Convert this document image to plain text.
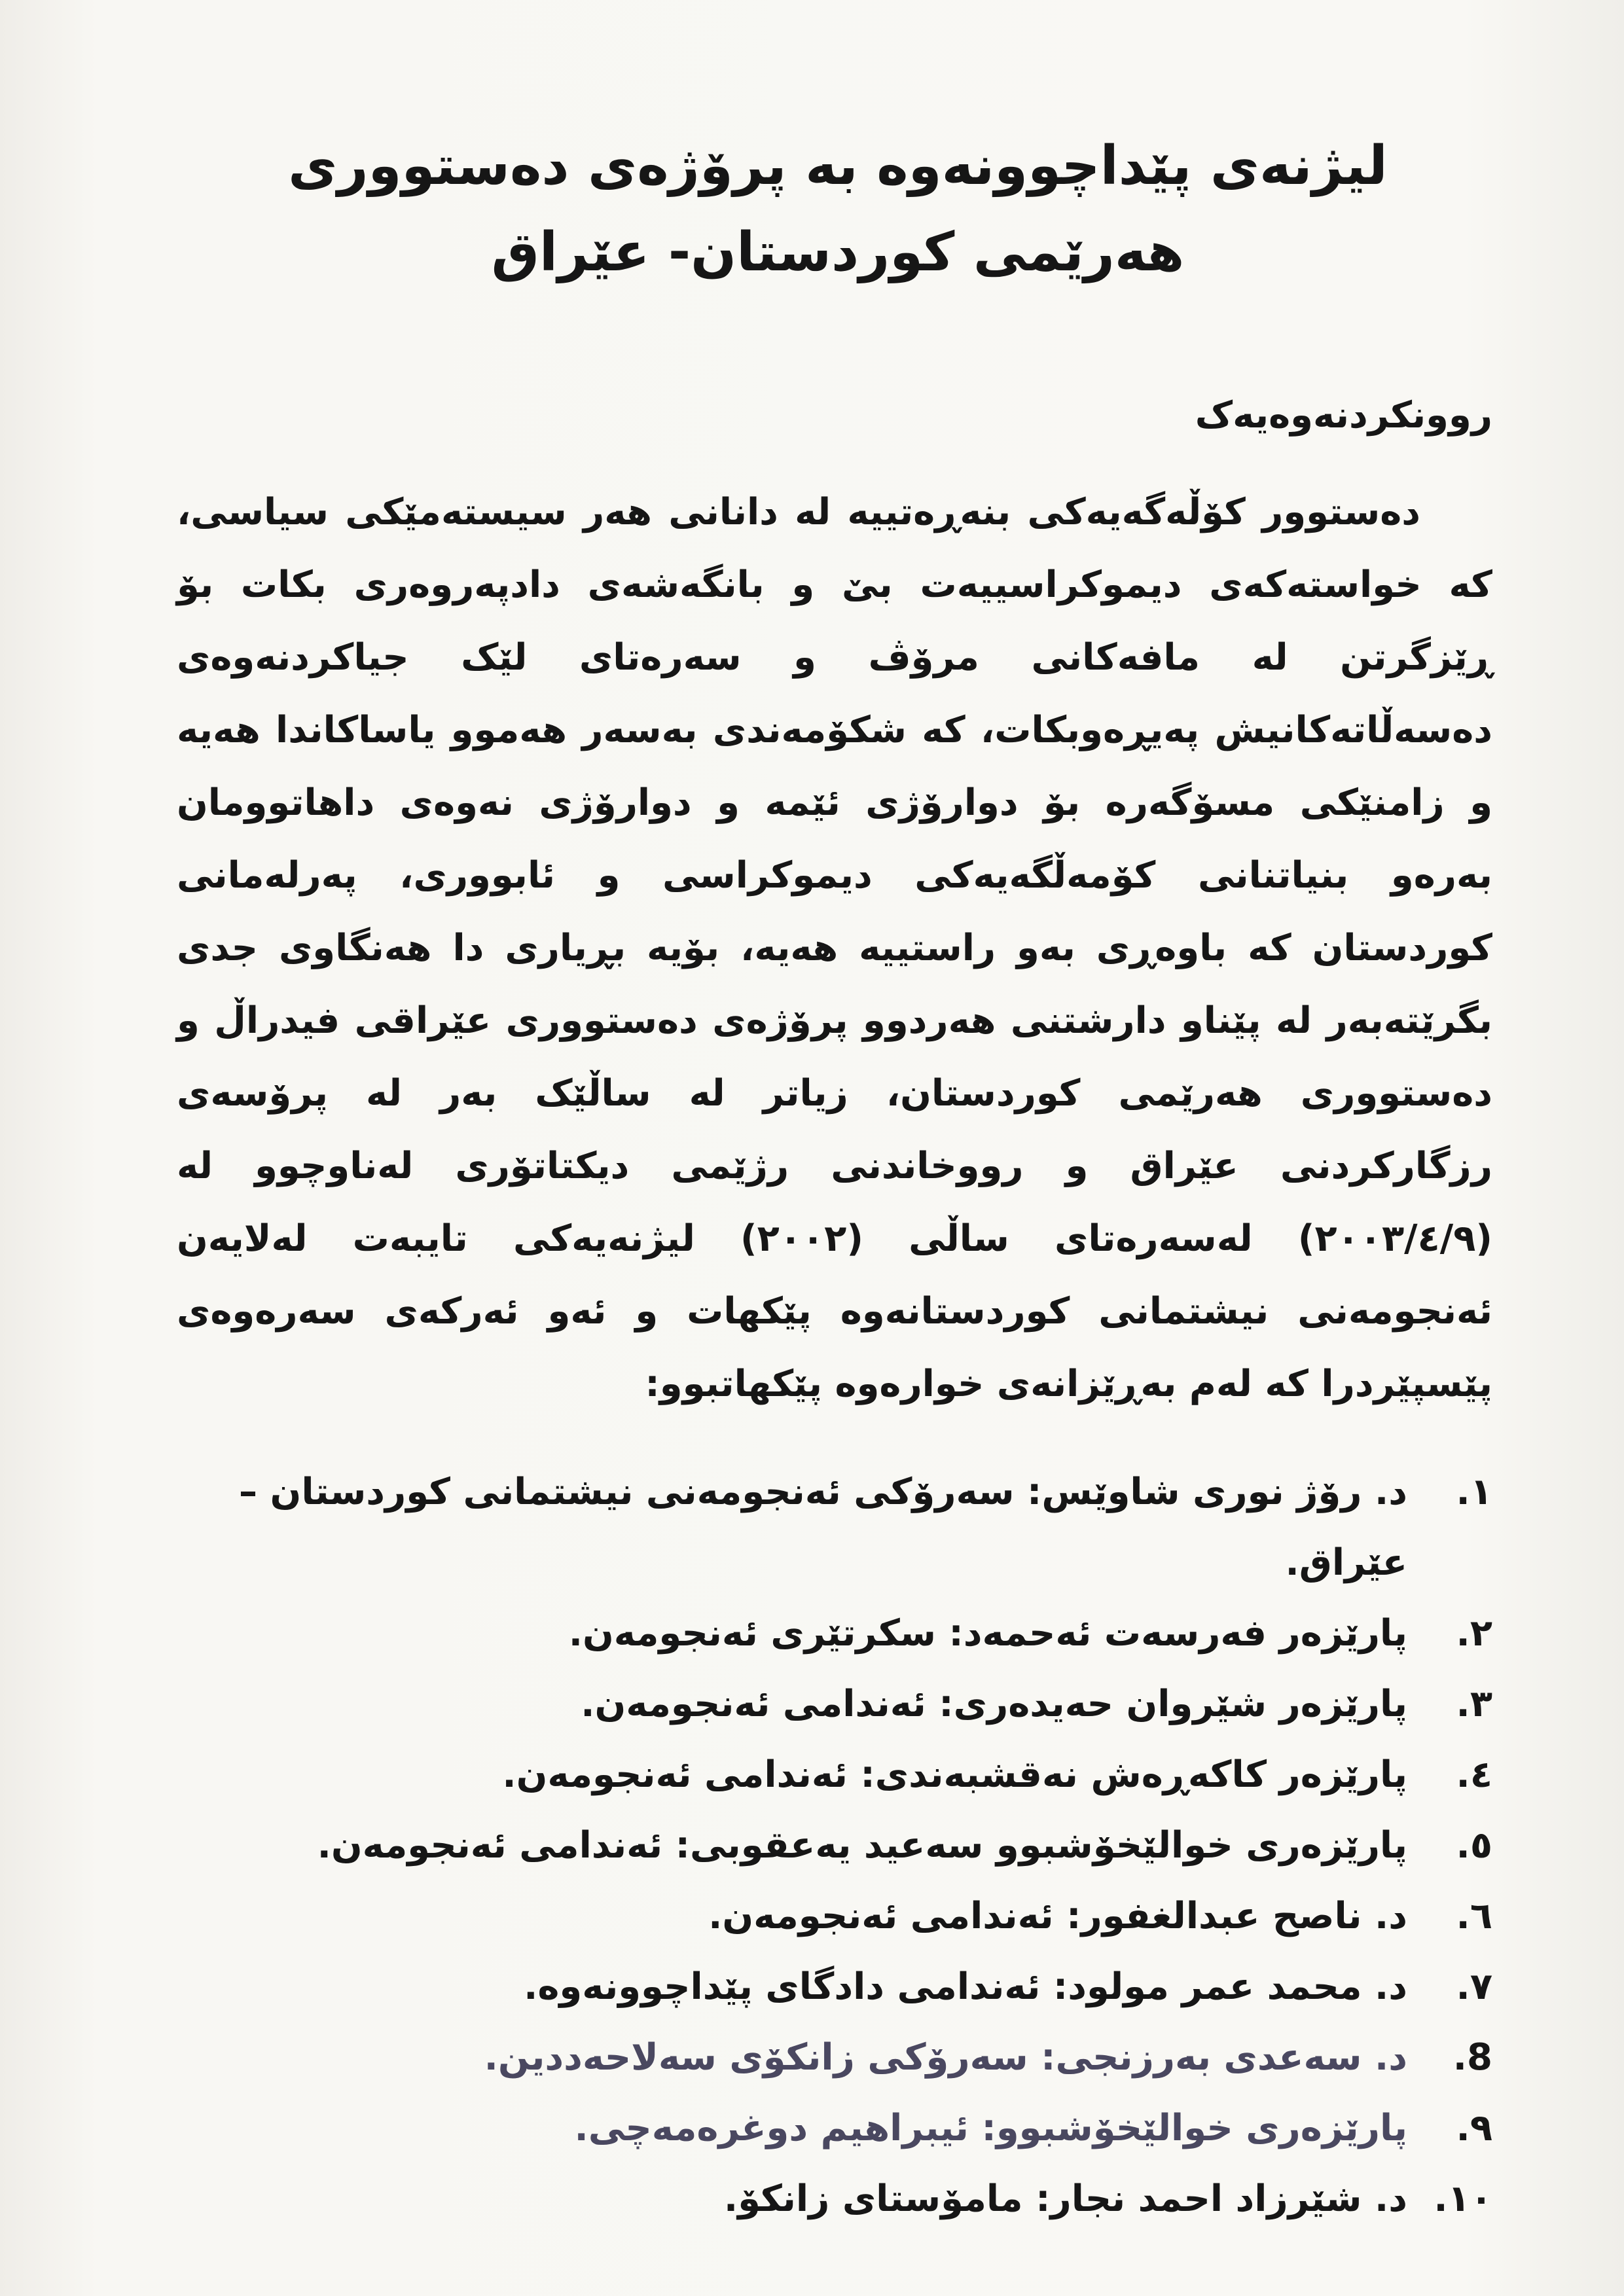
لیژنەی پێداچوونەوە بە پرۆژەی دەستووری
هەرێمی کوردستان- عێراق
روونکردنەوەیەک

دەستوور کۆڵەگەیەکی بنەڕەتییە لە دانانی هەر سیستەمێکی سیاسی، کە خواستەکەی دیموکراسییەت بێ و بانگەشەی دادپەروەری بکات بۆ ڕێزگرتن لە مافەکانی مرۆڤ و سەرەتای لێک جیاکردنەوەی دەسەڵاتەکانیش پەیڕەوبکات، کە شکۆمەندی بەسەر هەموو یاساکاندا هەیە و زامنێکی مسۆگەرە بۆ دوارۆژی ئێمە و دوارۆژی نەوەی داهاتوومان بەرەو بنیاتنانی کۆمەڵگەیەکی دیموکراسی و ئابووری، پەرلەمانی کوردستان کە باوەڕی بەو راستییە هەیە، بۆیە بڕیاری دا هەنگاوی جدی بگرێتەبەر لە پێناو دارشتنی هەردوو پرۆژەی دەستووری عێراقی فیدراڵ و دەستووری هەرێمی کوردستان، زیاتر لە ساڵێک بەر لە پرۆسەی رزگارکردنی عێراق و رووخاندنی رژێمی دیکتاتۆری لەناوچوو لە (٢٠٠٣/٤/٩) لەسەرەتای ساڵی (٢٠٠٢) لیژنەیەکی تایبەت لەلایەن ئەنجومەنی نیشتمانی کوردستانەوە پێکهات و ئەو ئەرکەی سەرەوەی پێسپێردرا کە لەم بەڕێزانەی خوارەوە پێکهاتبوو:

١.
د. رۆژ نوری شاوێس: سەرۆکی ئەنجومەنی نیشتمانی کوردستان – عێراق.
٢.
پارێزەر فەرسەت ئەحمەد: سکرتێری ئەنجومەن.
٣.
پارێزەر شێروان حەیدەری: ئەندامی ئەنجومەن.
٤.
پارێزەر کاکەڕەش نەقشبەندی: ئەندامی ئەنجومەن.
٥.
پارێزەری خوالێخۆشبوو سەعید یەعقوبی: ئەندامی ئەنجومەن.
٦.
د. ناصح عبدالغفور: ئەندامی ئەنجومەن.
٧.
د. محمد عمر مولود: ئەندامی دادگای پێداچوونەوە.
8.
د. سەعدی بەرزنجی: سەرۆکی زانکۆی سەلاحەددین.
٩.
پارێزەری خوالێخۆشبوو: ئیبراهیم دوغرەمەچی.
١٠.
د. شێرزاد احمد نجار: مامۆستای زانکۆ.
